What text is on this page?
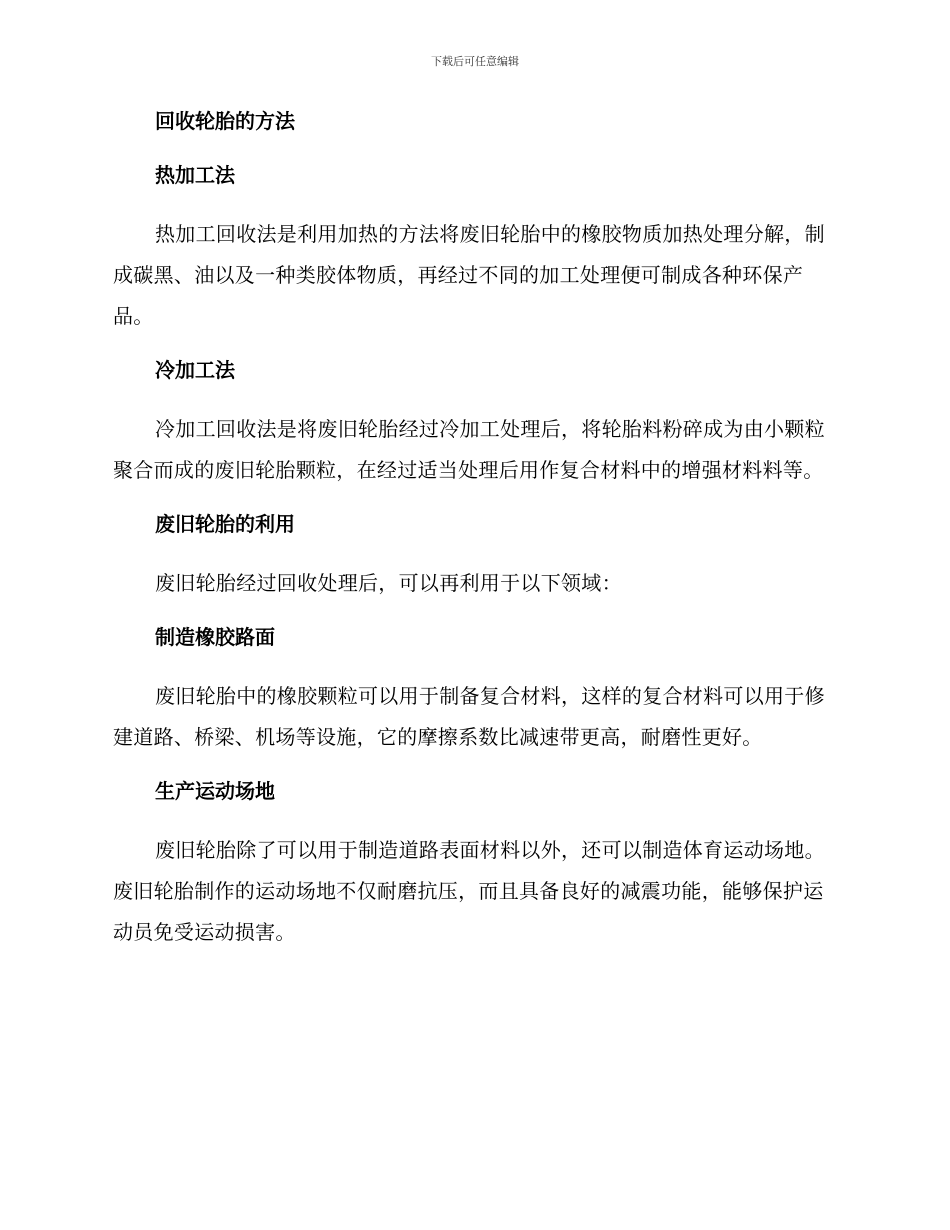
下载后可任意编辑
回收轮胎的方法
热加工法
热加工回收法是利用加热的方法将废旧轮胎中的橡胶物质加热处理分解，制成碳黑、油以及一种类胶体物质，再经过不同的加工处理便可制成各种环保产品。
冷加工法
冷加工回收法是将废旧轮胎经过冷加工处理后，将轮胎料粉碎成为由小颗粒聚合而成的废旧轮胎颗粒，在经过适当处理后用作复合材料中的增强材料料等。
废旧轮胎的利用
废旧轮胎经过回收处理后，可以再利用于以下领域：
制造橡胶路面
废旧轮胎中的橡胶颗粒可以用于制备复合材料，这样的复合材料可以用于修建道路、桥梁、机场等设施，它的摩擦系数比减速带更高，耐磨性更好。
生产运动场地
废旧轮胎除了可以用于制造道路表面材料以外，还可以制造体育运动场地。废旧轮胎制作的运动场地不仅耐磨抗压，而且具备良好的减震功能，能够保护运动员免受运动损害。
